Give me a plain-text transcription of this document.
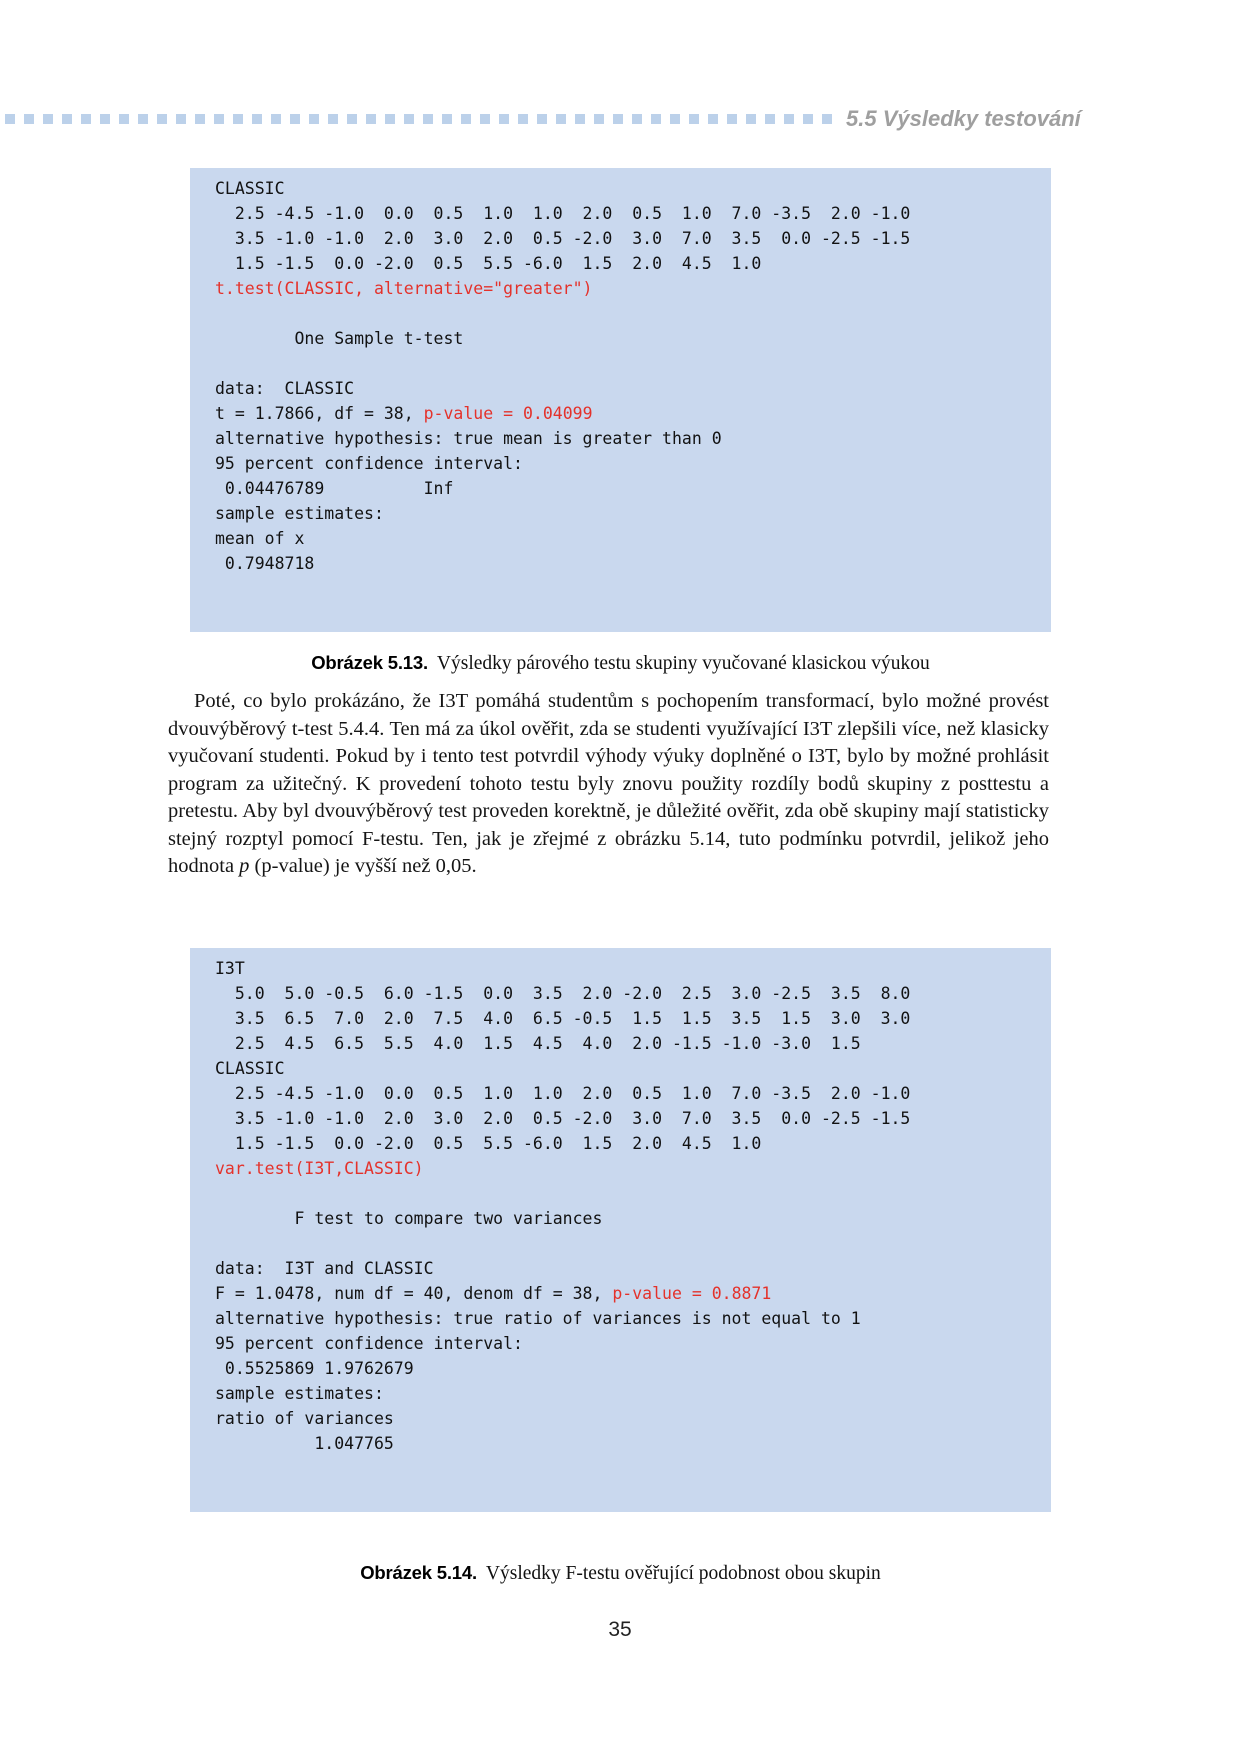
5.5 Výsledky testování
CLASSIC
2.5 -4.5 -1.0  0.0  0.5  1.0  1.0  2.0  0.5  1.0  7.0 -3.5  2.0 -1.0
3.5 -1.0 -1.0  2.0  3.0  2.0  0.5 -2.0  3.0  7.0  3.5  0.0 -2.5 -1.5
1.5 -1.5  0.0 -2.0  0.5  5.5 -6.0  1.5  2.0  4.5  1.0
t.test(CLASSIC, alternative="greater")

One Sample t-test

data:  CLASSIC
t = 1.7866, df = 38, p-value = 0.04099
alternative hypothesis: true mean is greater than 0
95 percent confidence interval:
0.04476789          Inf
sample estimates:
mean of x
0.7948718
Obrázek 5.13. Výsledky párového testu skupiny vyučované klasickou výukou

Poté, co bylo prokázáno, že I3T pomáhá studentům s pochopením transformací, bylo možné provést dvouvýběrový t-test 5.4.4. Ten má za úkol ověřit, zda se studenti využívající I3T zlepšili více, než klasicky vyučovaní studenti. Pokud by i tento test potvrdil výhody výuky doplněné o I3T, bylo by možné prohlásit program za užitečný. K provedení tohoto testu byly znovu použity rozdíly bodů skupiny z posttestu a pretestu. Aby byl dvouvýběrový test proveden korektně, je důležité ověřit, zda obě skupiny mají statisticky stejný rozptyl pomocí F-testu. Ten, jak je zřejmé z obrázku 5.14, tuto podmínku potvrdil, jelikož jeho hodnota p (p-value) je vyšší než 0,05.

I3T
5.0  5.0 -0.5  6.0 -1.5  0.0  3.5  2.0 -2.0  2.5  3.0 -2.5  3.5  8.0
3.5  6.5  7.0  2.0  7.5  4.0  6.5 -0.5  1.5  1.5  3.5  1.5  3.0  3.0
2.5  4.5  6.5  5.5  4.0  1.5  4.5  4.0  2.0 -1.5 -1.0 -3.0  1.5
CLASSIC
2.5 -4.5 -1.0  0.0  0.5  1.0  1.0  2.0  0.5  1.0  7.0 -3.5  2.0 -1.0
3.5 -1.0 -1.0  2.0  3.0  2.0  0.5 -2.0  3.0  7.0  3.5  0.0 -2.5 -1.5
1.5 -1.5  0.0 -2.0  0.5  5.5 -6.0  1.5  2.0  4.5  1.0
var.test(I3T,CLASSIC)

F test to compare two variances

data:  I3T and CLASSIC
F = 1.0478, num df = 40, denom df = 38, p-value = 0.8871
alternative hypothesis: true ratio of variances is not equal to 1
95 percent confidence interval:
0.5525869 1.9762679
sample estimates:
ratio of variances
1.047765
Obrázek 5.14. Výsledky F-testu ověřující podobnost obou skupin
35
